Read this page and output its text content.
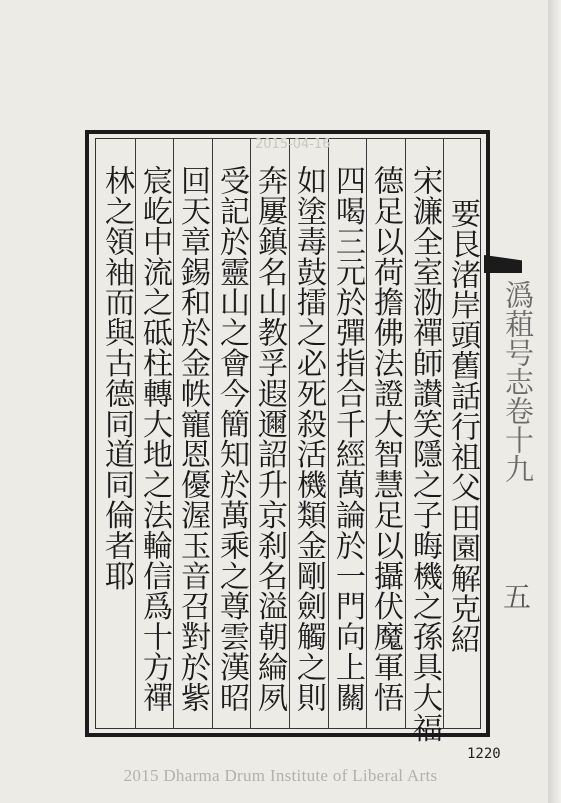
要艮渚岸頭舊話行祖父田園解克紹
宋濂全室泐禪師讃笑隱之子晦機之孫具大福
德足以荷擔佛法證大智慧足以攝伏魔軍悟
四喝三元於彈指合千經萬論於一門向上關
如塗毒鼓擂之必死殺活機類金剛劍觸之則
奔屢鎮名山教孚遐邇詔升京刹名溢朝綸夙
受記於靈山之會今簡知於萬乘之尊雲漢昭
回天章錫和於金帙寵恩優渥玉音召對於紫
宸屹中流之砥柱轉大地之法輪信爲十方禪
林之領袖而與古德同道同倫者耶	潙蒩号志卷十九
五
2015-04-16
1220
2015 Dharma Drum Institute of Liberal Arts
